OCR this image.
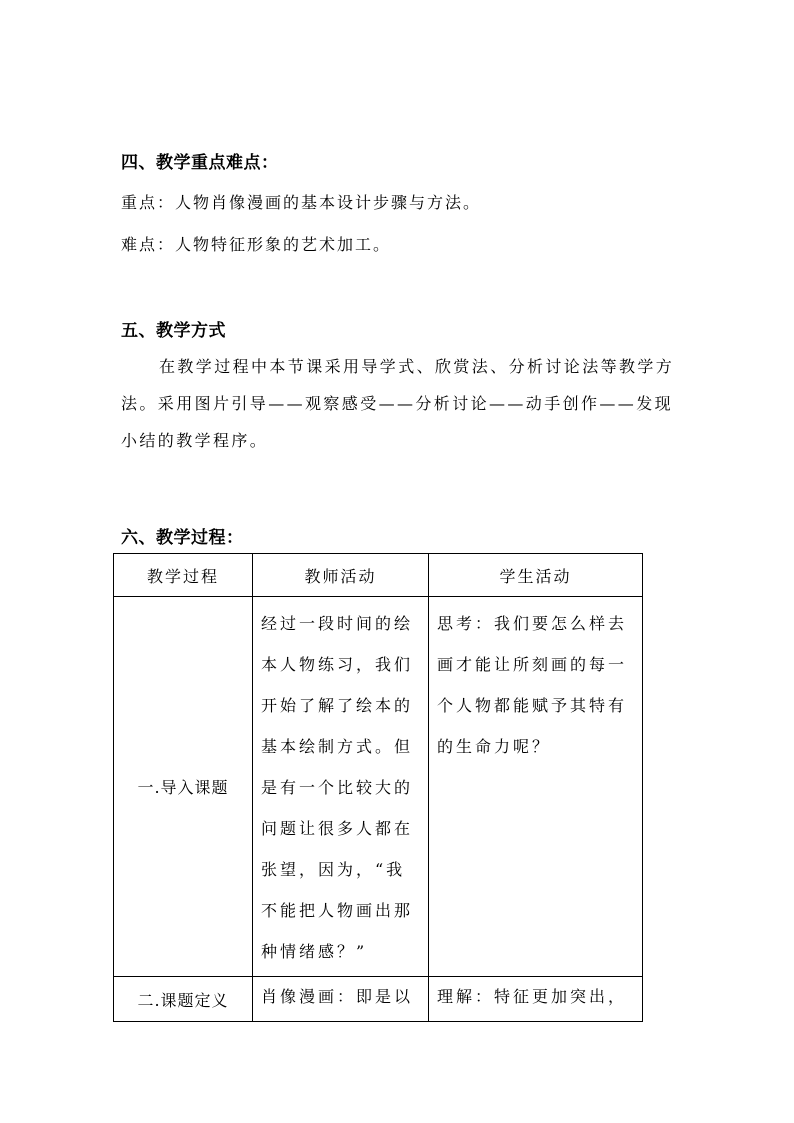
四、教学重点难点：
重点：人物肖像漫画的基本设计步骤与方法。
难点：人物特征形象的艺术加工。
五、教学方式

在教学过程中本节课采用导学式、欣赏法、分析讨论法等教学方法。采用图片引导——观察感受——分析讨论——动手创作——发现小结的教学程序。

六、教学过程：
教学过程	教师活动	学生活动
一.导入课题	经过一段时间的绘本人物练习，我们开始了解了绘本的基本绘制方式。但是有一个比较大的问题让很多人都在张望，因为，“我不能把人物画出那种情绪感？”	思考：我们要怎么样去画才能让所刻画的每一个人物都能赋予其特有的生命力呢？

二.课题定义	肖像漫画：即是以	理解：特征更加突出，
